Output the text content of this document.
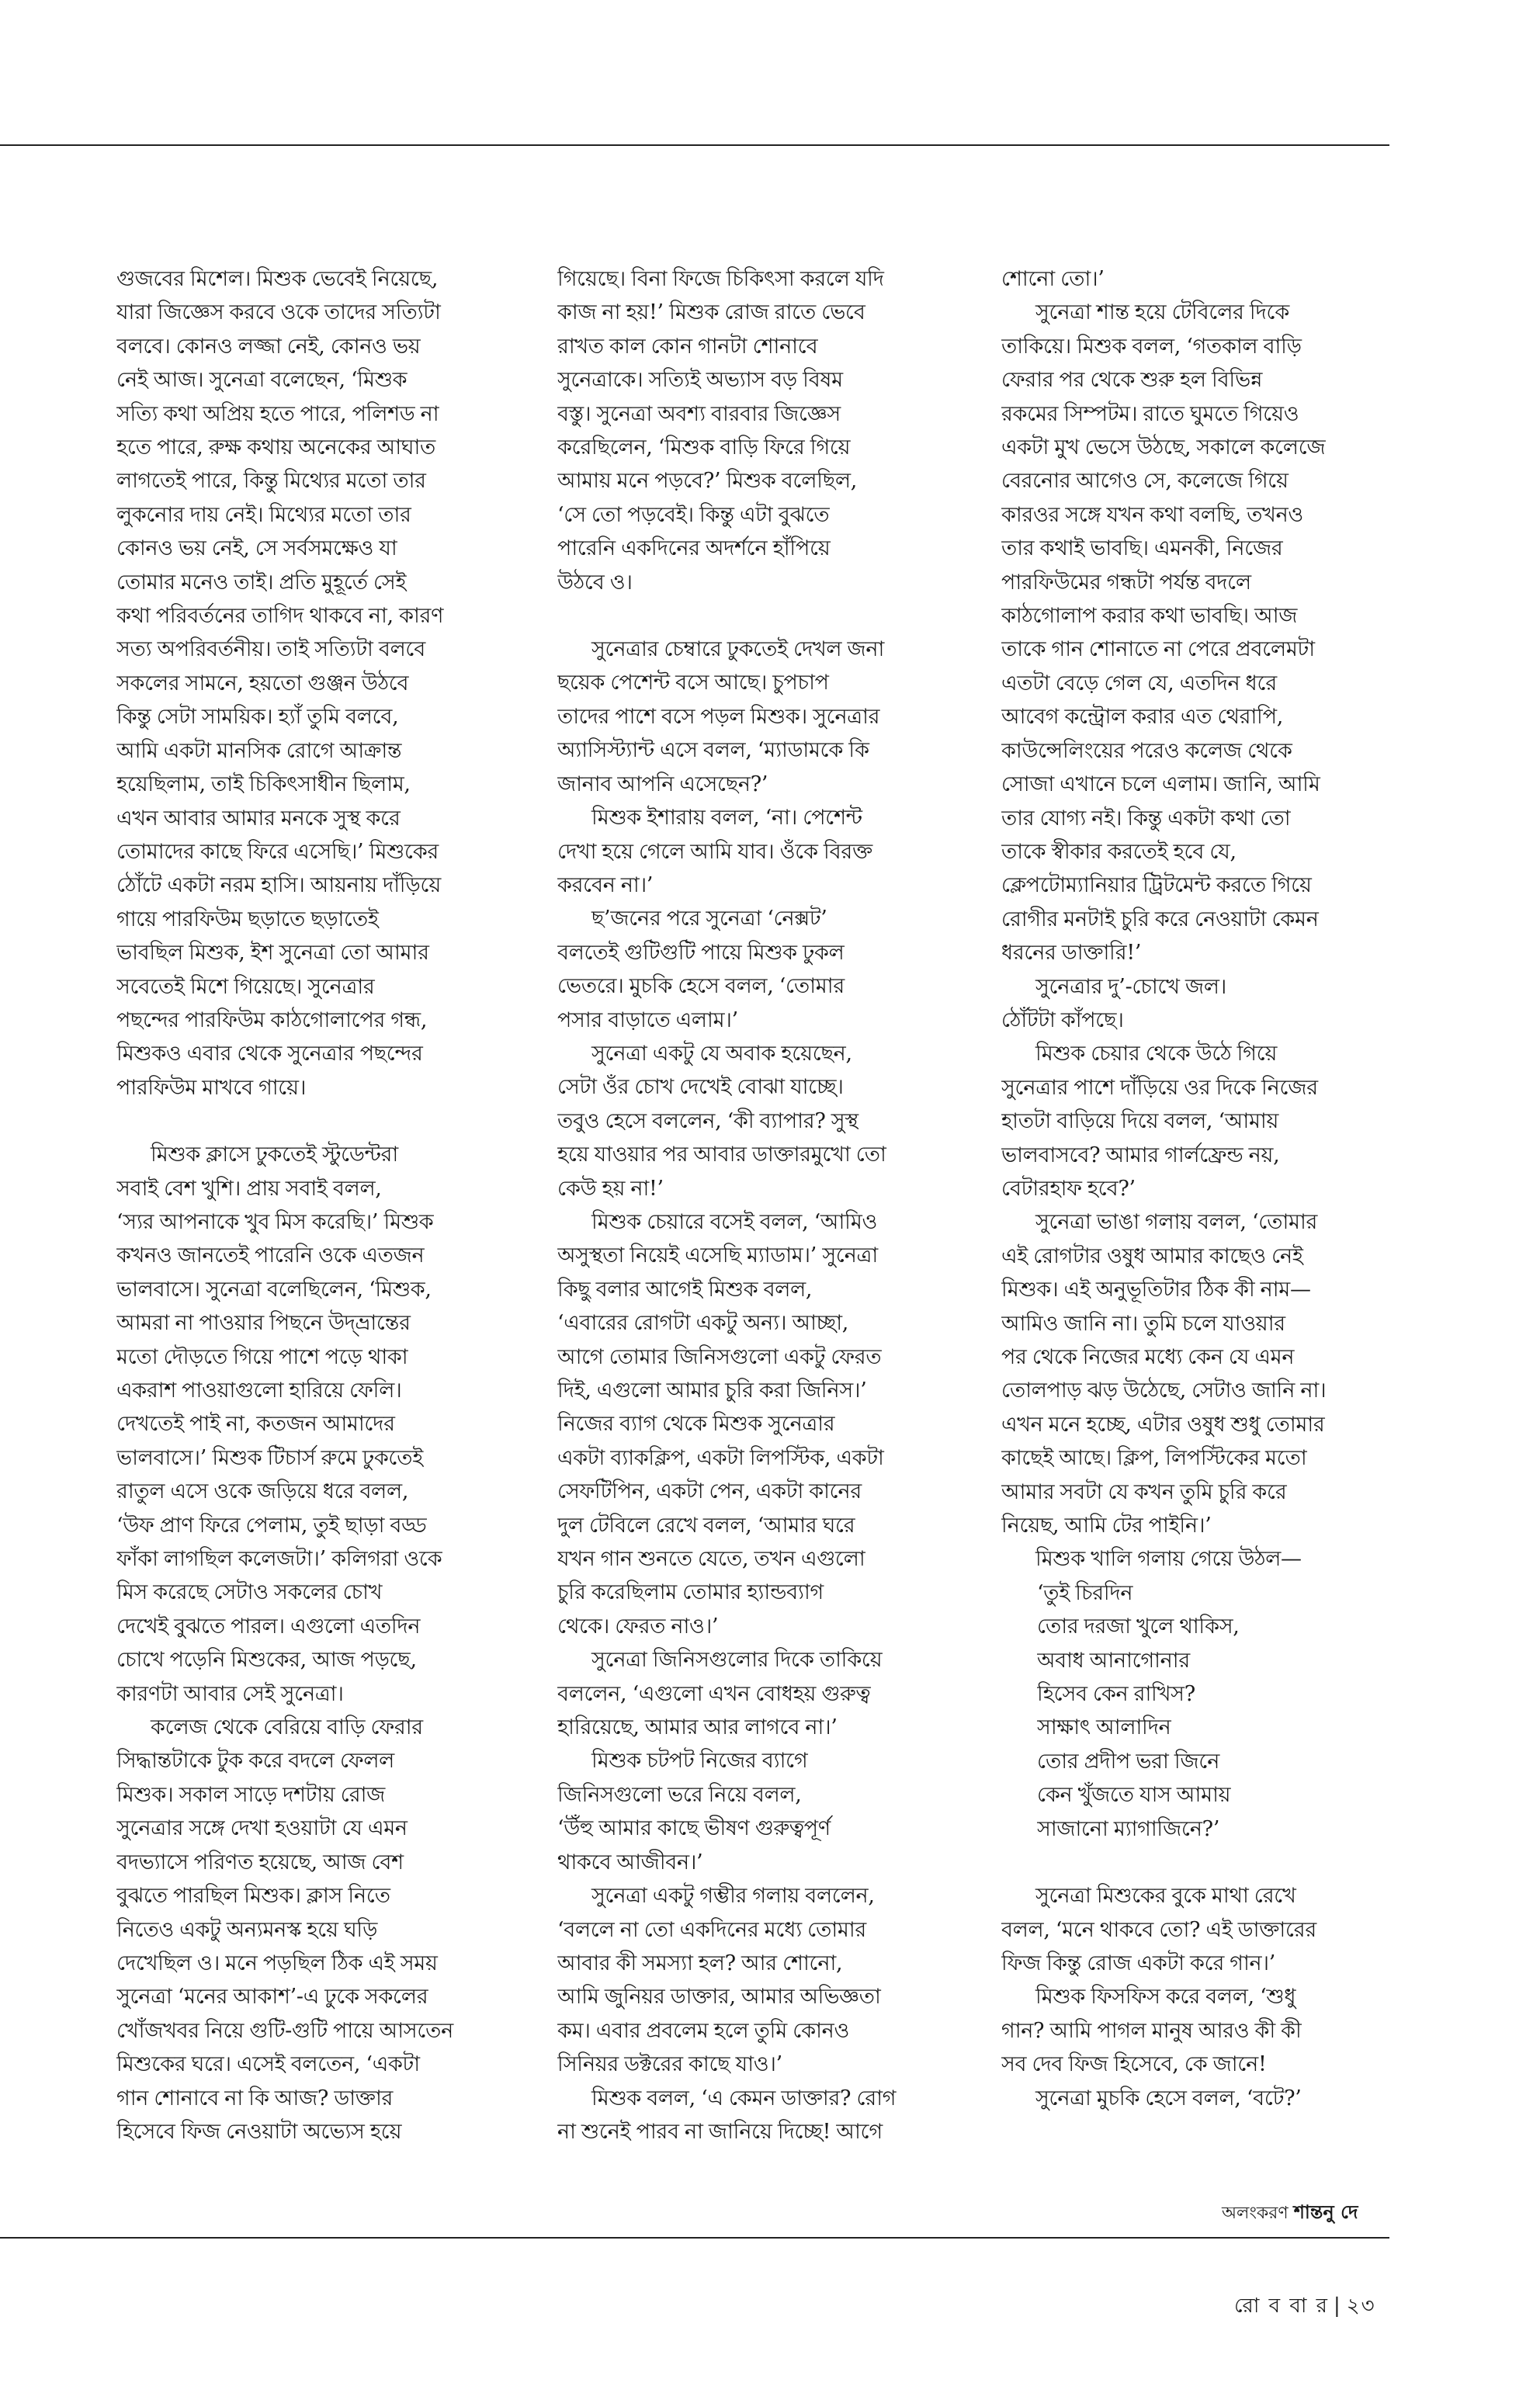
গুজবের মিশেল। মিশুক ভেবেই নিয়েছে,

যারা জিজ্ঞেস করবে ওকে তাদের সত্যিটা

বলবে। কোনও লজ্জা নেই, কোনও ভয়

নেই আজ। সুনেত্রা বলেছেন, ‘মিশুক

সত্যি কথা অপ্রিয় হতে পারে, পলিশড না

হতে পারে, রুক্ষ কথায় অনেকের আঘাত

লাগতেই পারে, কিন্তু মিথ্যের মতো তার

লুকনোর দায় নেই। মিথ্যের মতো তার

কোনও ভয় নেই, সে সর্বসমক্ষেও যা

তোমার মনেও তাই। প্রতি মুহূর্তে সেই

কথা পরিবর্তনের তাগিদ থাকবে না, কারণ

সত্য অপরিবর্তনীয়। তাই সত্যিটা বলবে

সকলের সামনে, হয়তো গুঞ্জন উঠবে

কিন্তু সেটা সাময়িক। হ্যাঁ তুমি বলবে,

আমি একটা মানসিক রোগে আক্রান্ত

হয়েছিলাম, তাই চিকিৎসাধীন ছিলাম,

এখন আবার আমার মনকে সুস্থ করে

তোমাদের কাছে ফিরে এসেছি।’ মিশুকের

ঠোঁটে একটা নরম হাসি। আয়নায় দাঁড়িয়ে

গায়ে পারফিউম ছড়াতে ছড়াতেই

ভাবছিল মিশুক, ইশ সুনেত্রা তো আমার

সবেতেই মিশে গিয়েছে। সুনেত্রার

পছন্দের পারফিউম কাঠগোলাপের গন্ধ,

মিশুকও এবার থেকে সুনেত্রার পছন্দের

পারফিউম মাখবে গায়ে।

মিশুক ক্লাসে ঢুকতেই স্টুডেন্টরা

সবাই বেশ খুশি। প্রায় সবাই বলল,

‘স্যর আপনাকে খুব মিস করেছি।’ মিশুক

কখনও জানতেই পারেনি ওকে এতজন

ভালবাসে। সুনেত্রা বলেছিলেন, ‘মিশুক,

আমরা না পাওয়ার পিছনে উদ্‌ভ্রান্তের

মতো দৌড়তে গিয়ে পাশে পড়ে থাকা

একরাশ পাওয়াগুলো হারিয়ে ফেলি।

দেখতেই পাই না, কতজন আমাদের

ভালবাসে।’ মিশুক টিচার্স রুমে ঢুকতেই

রাতুল এসে ওকে জড়িয়ে ধরে বলল,

‘উফ প্রাণ ফিরে পেলাম, তুই ছাড়া বড্ড

ফাঁকা লাগছিল কলেজটা।’ কলিগরা ওকে

মিস করেছে সেটাও সকলের চোখ

দেখেই বুঝতে পারল। এগুলো এতদিন

চোখে পড়েনি মিশুকের, আজ পড়ছে,

কারণটা আবার সেই সুনেত্রা।

কলেজ থেকে বেরিয়ে বাড়ি ফেরার

সিদ্ধান্তটাকে টুক করে বদলে ফেলল

মিশুক। সকাল সাড়ে দশটায় রোজ

সুনেত্রার সঙ্গে দেখা হওয়াটা যে এমন

বদভ্যাসে পরিণত হয়েছে, আজ বেশ

বুঝতে পারছিল মিশুক। ক্লাস নিতে

নিতেও একটু অন্যমনস্ক হয়ে ঘড়ি

দেখেছিল ও। মনে পড়ছিল ঠিক এই সময়

সুনেত্রা ‘মনের আকাশ’-এ ঢুকে সকলের

খোঁজখবর নিয়ে গুটি-গুটি পায়ে আসতেন

মিশুকের ঘরে। এসেই বলতেন, ‘একটা

গান শোনাবে না কি আজ? ডাক্তার

হিসেবে ফিজ নেওয়াটা অভ্যেস হয়ে

গিয়েছে। বিনা ফিজে চিকিৎসা করলে যদি

কাজ না হয়!’ মিশুক রোজ রাতে ভেবে

রাখত কাল কোন গানটা শোনাবে

সুনেত্রাকে। সত্যিই অভ্যাস বড় বিষম

বস্তু। সুনেত্রা অবশ্য বারবার জিজ্ঞেস

করেছিলেন, ‘মিশুক বাড়ি ফিরে গিয়ে

আমায় মনে পড়বে?’ মিশুক বলেছিল,

‘সে তো পড়বেই। কিন্তু এটা বুঝতে

পারেনি একদিনের অদর্শনে হাঁপিয়ে

উঠবে ও।

সুনেত্রার চেম্বারে ঢুকতেই দেখল জনা

ছয়েক পেশেন্ট বসে আছে। চুপচাপ

তাদের পাশে বসে পড়ল মিশুক। সুনেত্রার

অ্যাসিস্ট্যান্ট এসে বলল, ‘ম্যাডামকে কি

জানাব আপনি এসেছেন?’

মিশুক ইশারায় বলল, ‘না। পেশেন্ট

দেখা হয়ে গেলে আমি যাব। ওঁকে বিরক্ত

করবেন না।’

ছ’জনের পরে সুনেত্রা ‘নেক্সট’

বলতেই গুটিগুটি পায়ে মিশুক ঢুকল

ভেতরে। মুচকি হেসে বলল, ‘তোমার

পসার বাড়াতে এলাম।’

সুনেত্রা একটু যে অবাক হয়েছেন,

সেটা ওঁর চোখ দেখেই বোঝা যাচ্ছে।

তবুও হেসে বললেন, ‘কী ব্যাপার? সুস্থ

হয়ে যাওয়ার পর আবার ডাক্তারমুখো তো

কেউ হয় না!’

মিশুক চেয়ারে বসেই বলল, ‘আমিও

অসুস্থতা নিয়েই এসেছি ম্যাডাম।’ সুনেত্রা

কিছু বলার আগেই মিশুক বলল,

‘এবারের রোগটা একটু অন্য। আচ্ছা,

আগে তোমার জিনিসগুলো একটু ফেরত

দিই, এগুলো আমার চুরি করা জিনিস।’

নিজের ব্যাগ থেকে মিশুক সুনেত্রার

একটা ব্যাকক্লিপ, একটা লিপস্টিক, একটা

সেফটিপিন, একটা পেন, একটা কানের

দুল টেবিলে রেখে বলল, ‘আমার ঘরে

যখন গান শুনতে যেতে, তখন এগুলো

চুরি করেছিলাম তোমার হ্যান্ডব্যাগ

থেকে। ফেরত নাও।’

সুনেত্রা জিনিসগুলোর দিকে তাকিয়ে

বললেন, ‘এগুলো এখন বোধহয় গুরুত্ব

হারিয়েছে, আমার আর লাগবে না।’

মিশুক চটপট নিজের ব্যাগে

জিনিসগুলো ভরে নিয়ে বলল,

‘উঁহু আমার কাছে ভীষণ গুরুত্বপূর্ণ

থাকবে আজীবন।’

সুনেত্রা একটু গম্ভীর গলায় বললেন,

‘বললে না তো একদিনের মধ্যে তোমার

আবার কী সমস্যা হল? আর শোনো,

আমি জুনিয়র ডাক্তার, আমার অভিজ্ঞতা

কম। এবার প্রবলেম হলে তুমি কোনও

সিনিয়র ডক্টরের কাছে যাও।’

মিশুক বলল, ‘এ কেমন ডাক্তার? রোগ

না শুনেই পারব না জানিয়ে দিচ্ছে! আগে

শোনো তো।’

সুনেত্রা শান্ত হয়ে টেবিলের দিকে

তাকিয়ে। মিশুক বলল, ‘গতকাল বাড়ি

ফেরার পর থেকে শুরু হল বিভিন্ন

রকমের সিম্পটম। রাতে ঘুমতে গিয়েও

একটা মুখ ভেসে উঠছে, সকালে কলেজে

বেরনোর আগেও সে, কলেজে গিয়ে

কারওর সঙ্গে যখন কথা বলছি, তখনও

তার কথাই ভাবছি। এমনকী, নিজের

পারফিউমের গন্ধটা পর্যন্ত বদলে

কাঠগোলাপ করার কথা ভাবছি। আজ

তাকে গান শোনাতে না পেরে প্রবলেমটা

এতটা বেড়ে গেল যে, এতদিন ধরে

আবেগ কন্ট্রোল করার এত থেরাপি,

কাউন্সেলিংয়ের পরেও কলেজ থেকে

সোজা এখানে চলে এলাম। জানি, আমি

তার যোগ্য নই। কিন্তু একটা কথা তো

তাকে স্বীকার করতেই হবে যে,

ক্লেপটোম্যানিয়ার ট্রিটমেন্ট করতে গিয়ে

রোগীর মনটাই চুরি করে নেওয়াটা কেমন

ধরনের ডাক্তারি!’

সুনেত্রার দু’-চোখে জল।

ঠোঁটটা কাঁপছে।

মিশুক চেয়ার থেকে উঠে গিয়ে

সুনেত্রার পাশে দাঁড়িয়ে ওর দিকে নিজের

হাতটা বাড়িয়ে দিয়ে বলল, ‘আমায়

ভালবাসবে? আমার গার্লফ্রেন্ড নয়,

বেটারহাফ হবে?’

সুনেত্রা ভাঙা গলায় বলল, ‘তোমার

এই রোগটার ওষুধ আমার কাছেও নেই

মিশুক। এই অনুভূতিটার ঠিক কী নাম—

আমিও জানি না। তুমি চলে যাওয়ার

পর থেকে নিজের মধ্যে কেন যে এমন

তোলপাড় ঝড় উঠেছে, সেটাও জানি না।

এখন মনে হচ্ছে, এটার ওষুধ শুধু তোমার

কাছেই আছে। ক্লিপ, লিপস্টিকের মতো

আমার সবটা যে কখন তুমি চুরি করে

নিয়েছ, আমি টের পাইনি।’

মিশুক খালি গলায় গেয়ে উঠল—

‘তুই চিরদিন

তোর দরজা খুলে থাকিস,

অবাধ আনাগোনার

হিসেব কেন রাখিস?

সাক্ষাৎ আলাদিন

তোর প্রদীপ ভরা জিনে

কেন খুঁজতে যাস আমায়

সাজানো ম্যাগাজিনে?’

সুনেত্রা মিশুকের বুকে মাথা রেখে

বলল, ‘মনে থাকবে তো? এই ডাক্তারের

ফিজ কিন্তু রোজ একটা করে গান।’

মিশুক ফিসফিস করে বলল, ‘শুধু

গান? আমি পাগল মানুষ আরও কী কী

সব দেব ফিজ হিসেবে, কে জানে!

সুনেত্রা মুচকি হেসে বলল, ‘বটে?’

অলংকরণ শান্তনু দে
রো ব বা র | ২৩
